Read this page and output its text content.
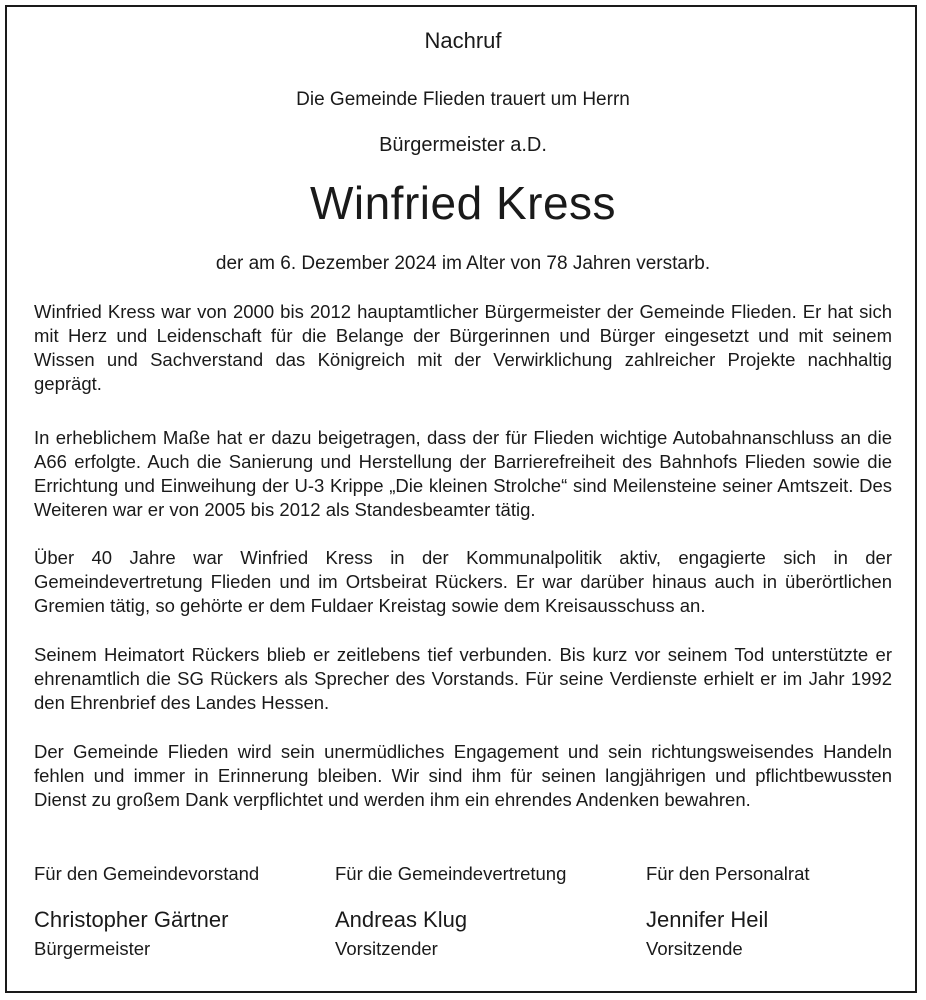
Nachruf
Die Gemeinde Flieden trauert um Herrn
Bürgermeister a.D.
Winfried Kress
der am 6. Dezember 2024 im Alter von 78 Jahren verstarb.

Winfried Kress war von 2000 bis 2012 hauptamtlicher Bürgermeister der Gemeinde Flieden. Er hat sich mit Herz und Leidenschaft für die Belange der Bürgerinnen und Bürger eingesetzt und mit seinem Wissen und Sachverstand das Königreich mit der Verwirklichung zahlreicher Projekte nachhaltig geprägt.

In erheblichem Maße hat er dazu beigetragen, dass der für Flieden wichtige Autobahnanschluss an die A66 erfolgte. Auch die Sanierung und Herstellung der Barrierefreiheit des Bahnhofs Flieden sowie die Errichtung und Einweihung der U-3 Krippe „Die kleinen Strolche“ sind Meilensteine seiner Amtszeit. Des Weiteren war er von 2005 bis 2012 als Standesbeamter tätig.

Über 40 Jahre war Winfried Kress in der Kommunalpolitik aktiv, engagierte sich in der Gemeindevertretung Flieden und im Ortsbeirat Rückers. Er war darüber hinaus auch in überörtlichen Gremien tätig, so gehörte er dem Fuldaer Kreistag sowie dem Kreisausschuss an.

Seinem Heimatort Rückers blieb er zeitlebens tief verbunden. Bis kurz vor seinem Tod unterstützte er ehrenamtlich die SG Rückers als Sprecher des Vorstands. Für seine Verdienste erhielt er im Jahr 1992 den Ehrenbrief des Landes Hessen.

Der Gemeinde Flieden wird sein unermüdliches Engagement und sein richtungsweisendes Handeln fehlen und immer in Erinnerung bleiben. Wir sind ihm für seinen langjährigen und pflichtbewussten Dienst zu großem Dank verpflichtet und werden ihm ein ehrendes Andenken bewahren.

Für den Gemeindevorstand
Christopher Gärtner
Bürgermeister
Für die Gemeindevertretung
Andreas Klug
Vorsitzender
Für den Personalrat
Jennifer Heil
Vorsitzende
